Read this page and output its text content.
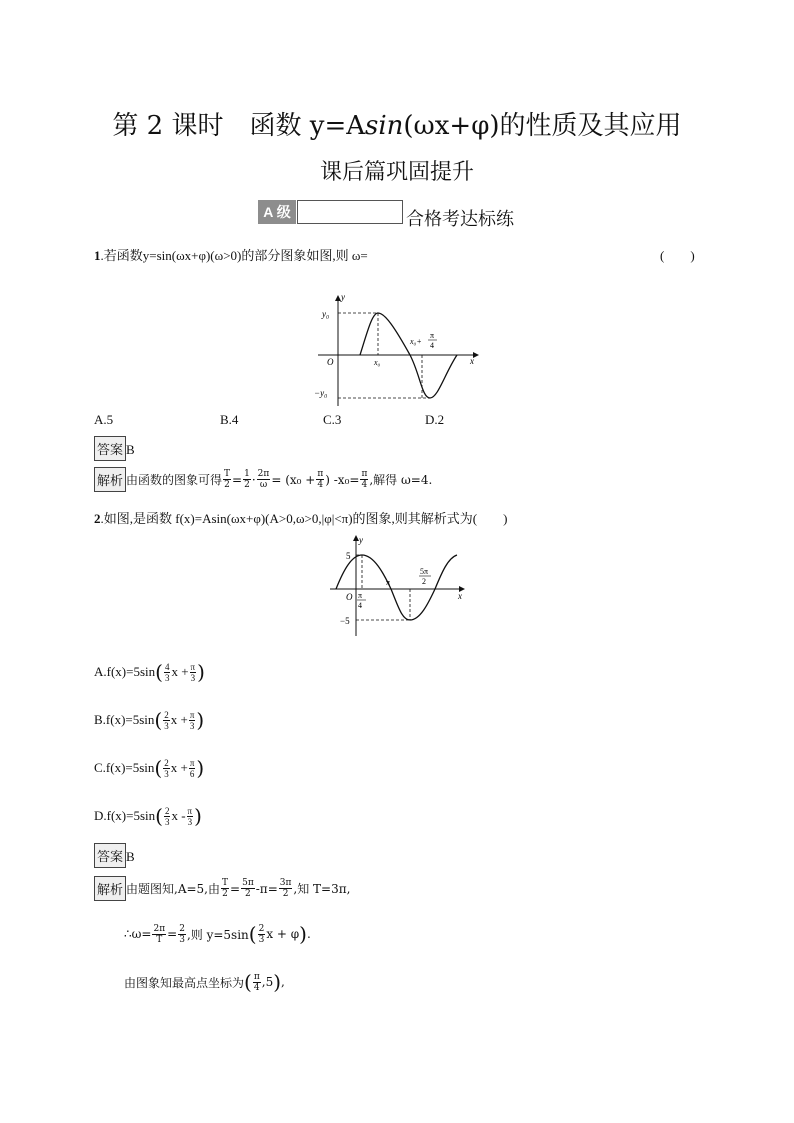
第 2 课时　函数 y=A𝑠𝑖𝑛(ωx+φ)的性质及其应用
课后篇巩固提升
A 级	合格考达标练
1.若函数y=sin(ωx+φ)(ω>0)的部分图象如图,则 ω=	(　　)
y
x
O
y₀
−y₀
x₀
x₀+
π
4
A.5	B.4	C.3	D.2
答案 B
解析 由函数的图象可得 $\frac{T}{2} = \frac{1}{2} \cdot \frac{2\pi}{\omega} = (x_0 + \frac{\pi}{4}$ ) $-x_0= \frac{\pi}{4}$ ,解得 ω=4.
2.如图,是函数 f(x)=Asin(ωx+φ)(A>0,ω>0,|φ|<π)的图象,则其解析式为(　　)
y
x
O
5
−5
π
π
4
5π
2
A.f(x)=5sin ( $\frac{4}{3}$ $x + \frac{\pi}{3}$ )
B.f(x)=5sin ( $\frac{2}{3}$ $x + \frac{\pi}{3}$ )
C.f(x)=5sin ( $\frac{2}{3}$ $x + \frac{\pi}{6}$ )
D.f(x)=5sin ( $\frac{2}{3}$ x - $\frac{\pi}{3}$ )
答案 B
解析 由题图知,A=5,由 $\frac{T}{2} = \frac{5\pi}{2} -\pi= \frac{3\pi}{2}$ ,知 T=3π,
∴ω= $\frac{2\pi}{T} = \frac{2}{3}$ ,则 y=5sin ( $\frac{2}{3}$ x + φ ) .
由图象知最高点坐标为 ( $\frac{\pi}{4} ,5$ ) ,
